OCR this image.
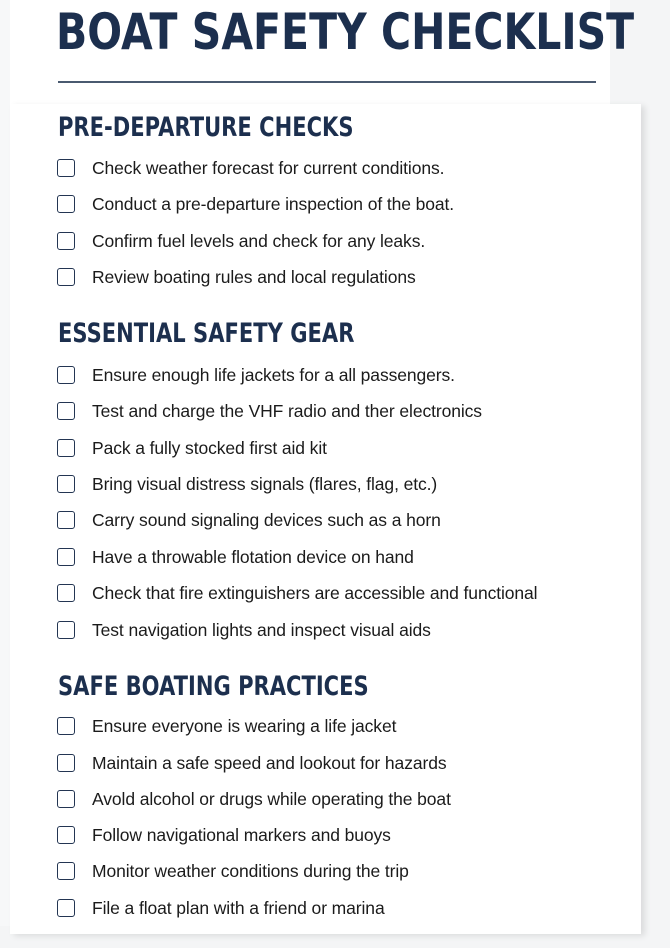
BOAT SAFETY CHECKLIST
PRE-DEPARTURE CHECKS
Check weather forecast for current conditions.
Conduct a pre-departure inspection of the boat.
Confirm fuel levels and check for any leaks.
Review boating rules and local regulations
ESSENTIAL SAFETY GEAR
Ensure enough life jackets for a all passengers.
Test and charge the VHF radio and ther electronics
Pack a fully stocked first aid kit
Bring visual distress signals (flares, flag, etc.)
Carry sound signaling devices such as a horn
Have a throwable flotation device on hand
Check that fire extinguishers are accessible and functional
Test navigation lights and inspect visual aids
SAFE BOATING PRACTICES
Ensure everyone is wearing a life jacket
Maintain a safe speed and lookout for hazards
Avold alcohol or drugs while operating the boat
Follow navigational markers and buoys
Monitor weather conditions during the trip
File a float plan with a friend or marina
